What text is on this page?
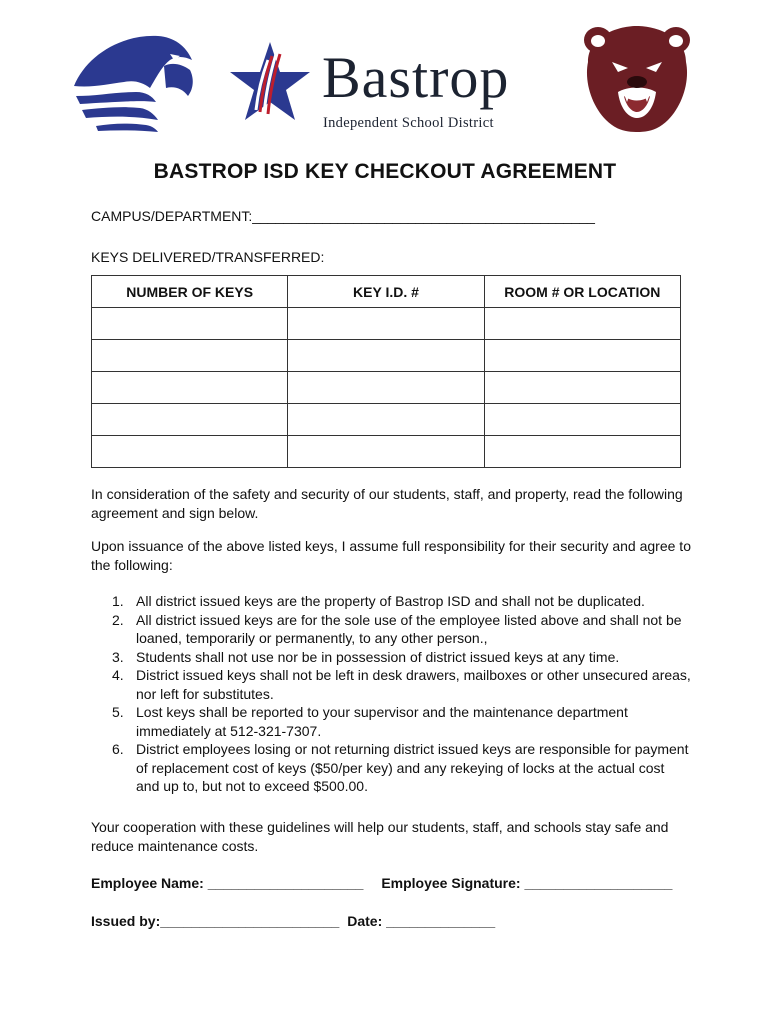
Bastrop
Independent School District
BASTROP ISD KEY CHECKOUT AGREEMENT
CAMPUS/DEPARTMENT:____________________________________________
KEYS DELIVERED/TRANSFERRED:
NUMBER OF KEYS	KEY I.D. #	ROOM # OR LOCATION

In consideration of the safety and security of our students, staff, and property, read the following agreement and sign below.
Upon issuance of the above listed keys, I assume full responsibility for their security and agree to the following:
1. All district issued keys are the property of Bastrop ISD and shall not be duplicated.
2. All district issued keys are for the sole use of the employee listed above and shall not be loaned, temporarily or permanently, to any other person.,
3. Students shall not use nor be in possession of district issued keys at any time.
4. District issued keys shall not be left in desk drawers, mailboxes or other unsecured areas, nor left for substitutes.
5. Lost keys shall be reported to your supervisor and the maintenance department immediately at 512-321-7307.
6. District employees losing or not returning district issued keys are responsible for payment of replacement cost of keys ($50/per key) and any rekeying of locks at the actual cost and up to, but not to exceed $500.00.
Your cooperation with these guidelines will help our students, staff, and schools stay safe and reduce maintenance costs.
Employee Name: ____________________ Employee Signature: ___________________
Issued by:_______________________ Date: ______________
